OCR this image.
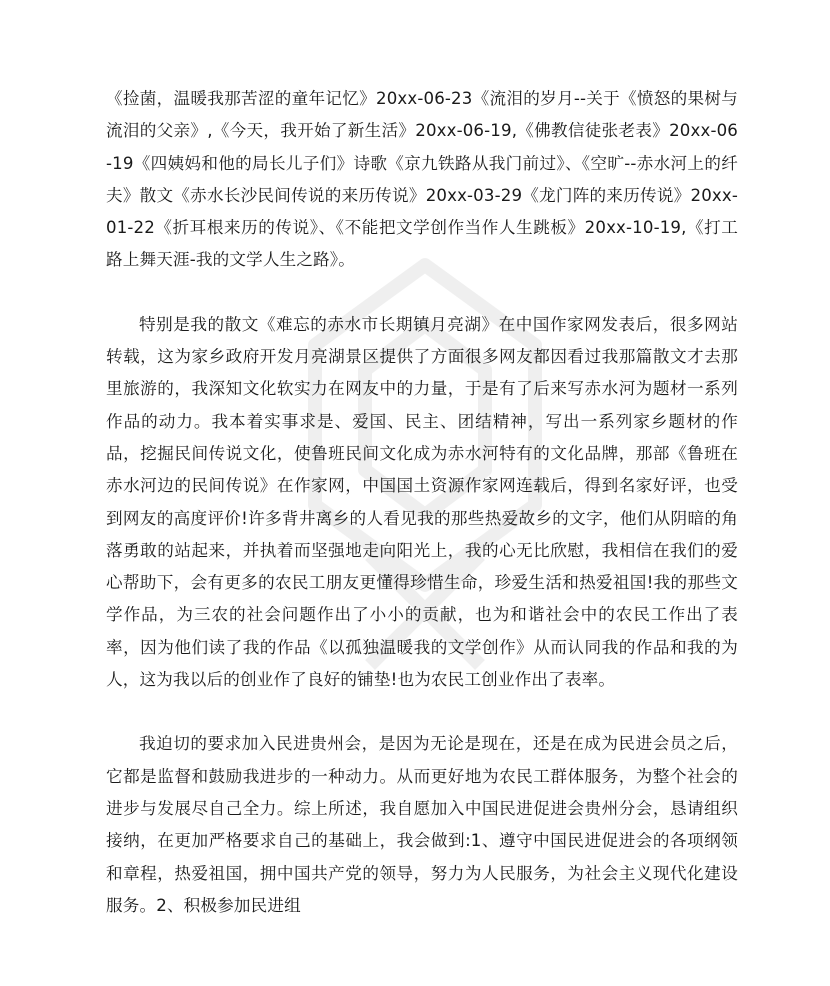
《捡菌，温暖我那苦涩的童年记忆》20xx-06-23《流泪的岁月--关于《愤怒的果树与流泪的父亲》,《今天，我开始了新生活》20xx-06-19,《佛教信徒张老表》20xx-06-19《四姨妈和他的局长儿子们》诗歌《京九铁路从我门前过》、《空旷--赤水河上的纤夫》散文《赤水长沙民间传说的来历传说》20xx-03-29《龙门阵的来历传说》20xx-01-22《折耳根来历的传说》、《不能把文学创作当作人生跳板》20xx-10-19,《打工路上舞天涯-我的文学人生之路》。

特别是我的散文《难忘的赤水市长期镇月亮湖》在中国作家网发表后，很多网站转载，这为家乡政府开发月亮湖景区提供了方面很多网友都因看过我那篇散文才去那里旅游的，我深知文化软实力在网友中的力量，于是有了后来写赤水河为题材一系列作品的动力。我本着实事求是、爱国、民主、团结精神，写出一系列家乡题材的作品，挖掘民间传说文化，使鲁班民间文化成为赤水河特有的文化品牌，那部《鲁班在赤水河边的民间传说》在作家网，中国国土资源作家网连载后，得到名家好评，也受到网友的高度评价!许多背井离乡的人看见我的那些热爱故乡的文字，他们从阴暗的角落勇敢的站起来，并执着而坚强地走向阳光上，我的心无比欣慰，我相信在我们的爱心帮助下，会有更多的农民工朋友更懂得珍惜生命，珍爱生活和热爱祖国!我的那些文学作品，为三农的社会问题作出了小小的贡献，也为和谐社会中的农民工作出了表率，因为他们读了我的作品《以孤独温暖我的文学创作》从而认同我的作品和我的为人，这为我以后的创业作了良好的铺垫!也为农民工创业作出了表率。

我迫切的要求加入民进贵州会，是因为无论是现在，还是在成为民进会员之后，它都是监督和鼓励我进步的一种动力。从而更好地为农民工群体服务，为整个社会的进步与发展尽自己全力。综上所述，我自愿加入中国民进促进会贵州分会，恳请组织接纳，在更加严格要求自己的基础上，我会做到:1、遵守中国民进促进会的各项纲领和章程，热爱祖国，拥中国共产党的领导，努力为人民服务，为社会主义现代化建设服务。2、积极参加民进组
